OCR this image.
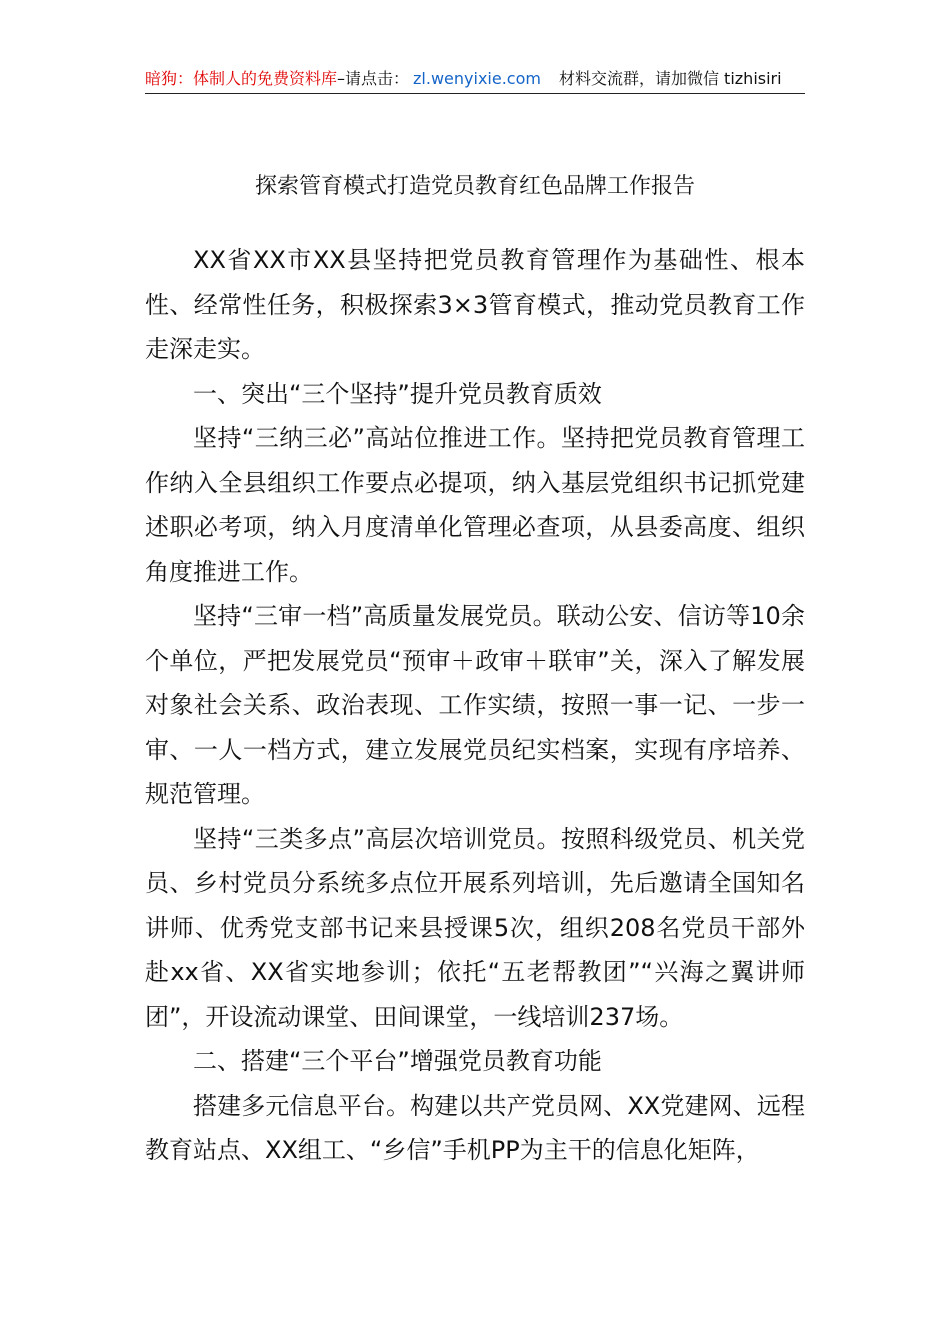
暗狗：体制人的免费资料库–请点击： zl.wenyixie.com 材料交流群，请加微信 tizhisiri
探索管育模式打造党员教育红色品牌工作报告

XX省XX市XX县坚持把党员教育管理作为基础性、根本性、经常性任务，积极探索3×3管育模式，推动党员教育工作走深走实。

一、突出“三个坚持”提升党员教育质效

坚持“三纳三必”高站位推进工作。坚持把党员教育管理工作纳入全县组织工作要点必提项，纳入基层党组织书记抓党建述职必考项，纳入月度清单化管理必查项，从县委高度、组织角度推进工作。

坚持“三审一档”高质量发展党员。联动公安、信访等10余个单位，严把发展党员“预审＋政审＋联审”关，深入了解发展对象社会关系、政治表现、工作实绩，按照一事一记、一步一审、一人一档方式，建立发展党员纪实档案，实现有序培养、规范管理。

坚持“三类多点”高层次培训党员。按照科级党员、机关党员、乡村党员分系统多点位开展系列培训，先后邀请全国知名讲师、优秀党支部书记来县授课5次，组织208名党员干部外赴xx省、XX省实地参训；依托“五老帮教团”“兴海之翼讲师团”，开设流动课堂、田间课堂，一线培训237场。

二、搭建“三个平台”增强党员教育功能

搭建多元信息平台。构建以共产党员网、XX党建网、远程教育站点、XX组工、“乡信”手机PP为主干的信息化矩阵，
